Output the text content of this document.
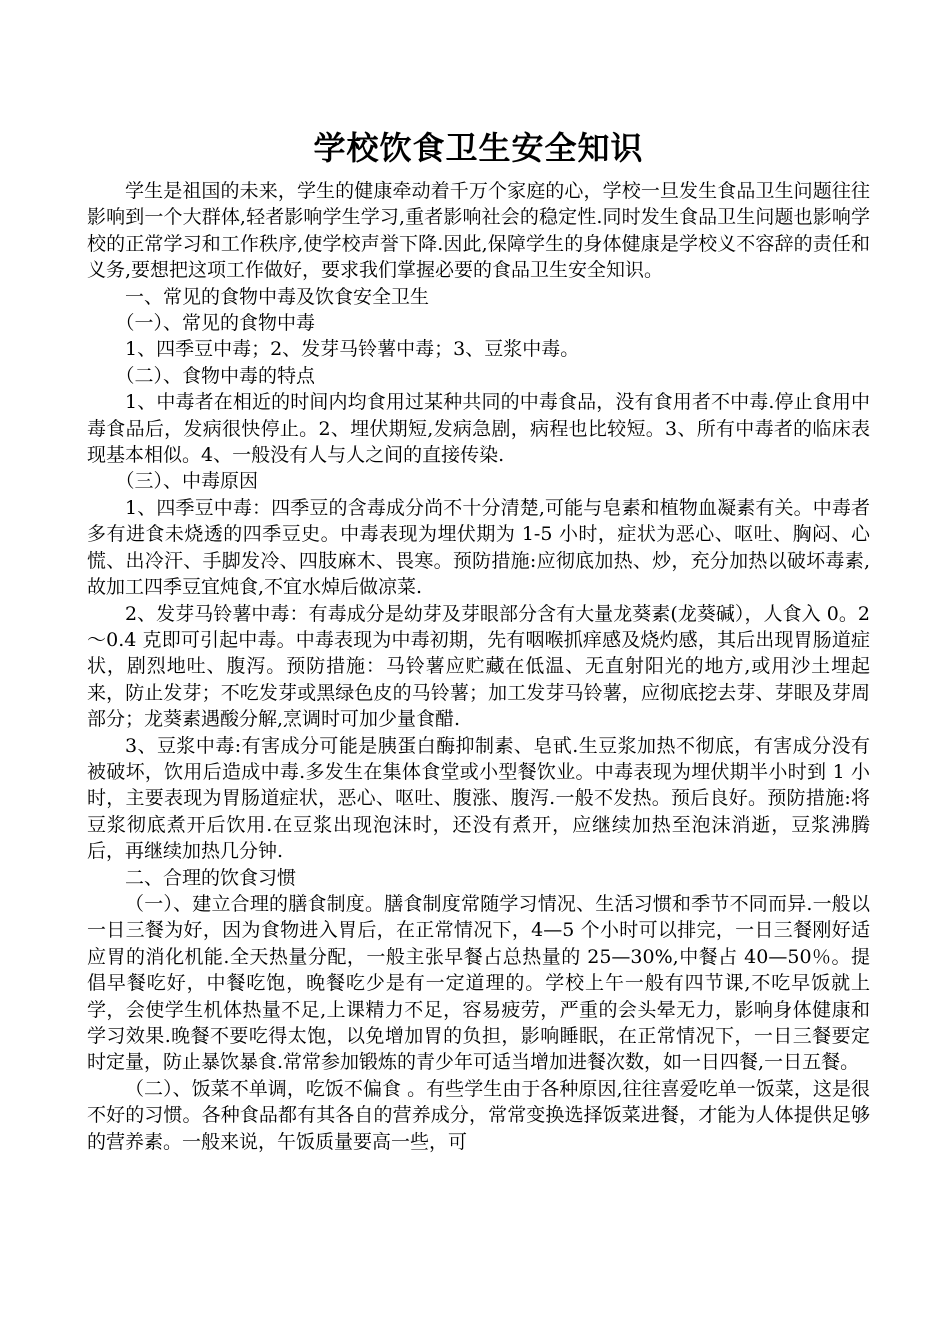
学校饮食卫生安全知识

学生是祖国的未来，学生的健康牵动着千万个家庭的心，学校一旦发生食品卫生问题往往影响到一个大群体,轻者影响学生学习,重者影响社会的稳定性.同时发生食品卫生问题也影响学校的正常学习和工作秩序,使学校声誉下降.因此,保障学生的身体健康是学校义不容辞的责任和义务,要想把这项工作做好，要求我们掌握必要的食品卫生安全知识。

一、常见的食物中毒及饮食安全卫生

（一）、常见的食物中毒

1、四季豆中毒；2、发芽马铃薯中毒；3、豆浆中毒。

（二）、食物中毒的特点

1、中毒者在相近的时间内均食用过某种共同的中毒食品，没有食用者不中毒.停止食用中毒食品后，发病很快停止。2、埋伏期短,发病急剧，病程也比较短。3、所有中毒者的临床表现基本相似。4、一般没有人与人之间的直接传染.

（三）、中毒原因

1、四季豆中毒：四季豆的含毒成分尚不十分清楚,可能与皂素和植物血凝素有关。中毒者多有进食未烧透的四季豆史。中毒表现为埋伏期为 1-5 小时，症状为恶心、呕吐、胸闷、心慌、出冷汗、手脚发冷、四肢麻木、畏寒。预防措施:应彻底加热、炒，充分加热以破坏毒素,故加工四季豆宜炖食,不宜水焯后做凉菜.

2、发芽马铃薯中毒：有毒成分是幼芽及芽眼部分含有大量龙葵素(龙葵碱），人食入 0。2～0.4 克即可引起中毒。中毒表现为中毒初期，先有咽喉抓痒感及烧灼感，其后出现胃肠道症状，剧烈地吐、腹泻。预防措施：马铃薯应贮藏在低温、无直射阳光的地方,或用沙土埋起来，防止发芽；不吃发芽或黑绿色皮的马铃薯；加工发芽马铃薯，应彻底挖去芽、芽眼及芽周部分；龙葵素遇酸分解,烹调时可加少量食醋.

3、豆浆中毒:有害成分可能是胰蛋白酶抑制素、皂甙.生豆浆加热不彻底，有害成分没有被破坏，饮用后造成中毒.多发生在集体食堂或小型餐饮业。中毒表现为埋伏期半小时到 1 小时，主要表现为胃肠道症状，恶心、呕吐、腹涨、腹泻.一般不发热。预后良好。预防措施:将豆浆彻底煮开后饮用.在豆浆出现泡沫时，还没有煮开，应继续加热至泡沫消逝，豆浆沸腾后，再继续加热几分钟.

二、合理的饮食习惯

（一）、建立合理的膳食制度。膳食制度常随学习情况、生活习惯和季节不同而异.一般以一日三餐为好，因为食物进入胃后，在正常情况下，4—5 个小时可以排完，一日三餐刚好适应胃的消化机能.全天热量分配，一般主张早餐占总热量的 25—30%,中餐占 40—50％。提倡早餐吃好，中餐吃饱，晚餐吃少是有一定道理的。学校上午一般有四节课,不吃早饭就上学，会使学生机体热量不足,上课精力不足，容易疲劳，严重的会头晕无力，影响身体健康和学习效果.晚餐不要吃得太饱，以免增加胃的负担，影响睡眠，在正常情况下，一日三餐要定时定量，防止暴饮暴食.常常参加锻炼的青少年可适当增加进餐次数，如一日四餐,一日五餐。

（二）、饭菜不单调，吃饭不偏食 。有些学生由于各种原因,往往喜爱吃单一饭菜，这是很不好的习惯。各种食品都有其各自的营养成分，常常变换选择饭菜进餐，才能为人体提供足够的营养素。一般来说，午饭质量要高一些，可
